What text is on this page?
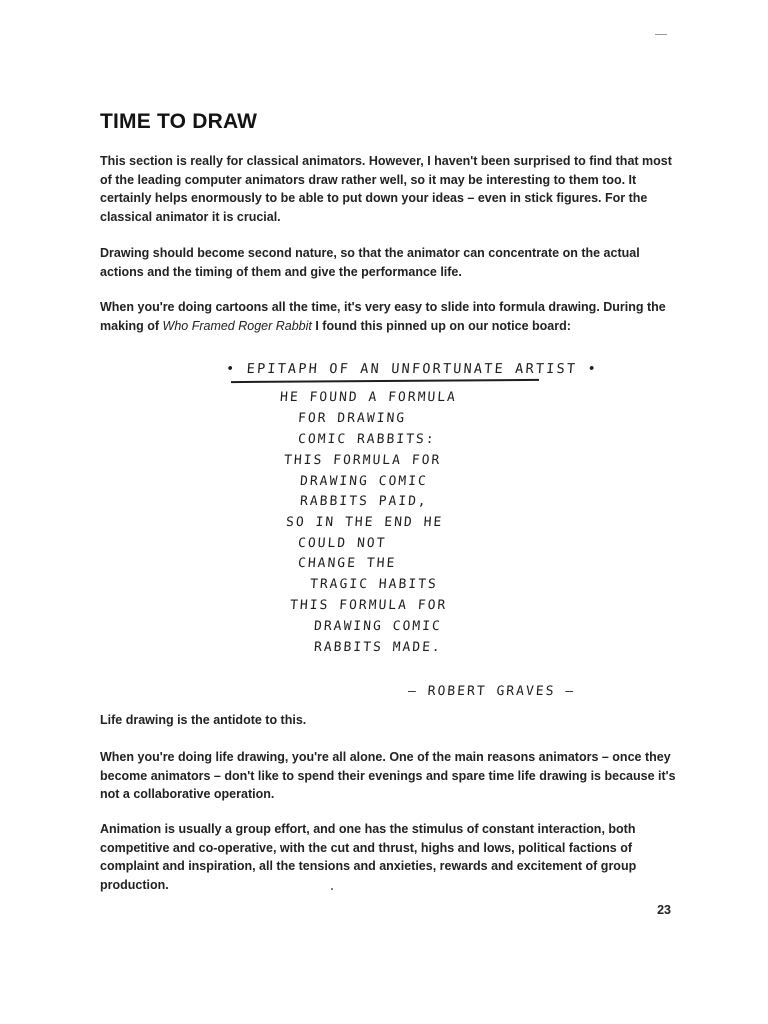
TIME TO DRAW

This section is really for classical animators. However, I haven't been surprised to find that most of the leading computer animators draw rather well, so it may be interesting to them too. It certainly helps enormously to be able to put down your ideas – even in stick figures. For the classical animator it is crucial.

Drawing should become second nature, so that the animator can concentrate on the actual actions and the timing of them and give the performance life.

When you're doing cartoons all the time, it's very easy to slide into formula drawing. During the making of Who Framed Roger Rabbit I found this pinned up on our notice board:

• EPITAPH OF AN UNFORTUNATE ARTIST •

HE FOUND A FORMULA

FOR DRAWING

COMIC RABBITS:

THIS FORMULA FOR

DRAWING COMIC

RABBITS PAID,

SO IN THE END HE

COULD NOT

CHANGE THE

TRAGIC HABITS

THIS FORMULA FOR

DRAWING COMIC

RABBITS MADE.

— ROBERT GRAVES —

Life drawing is the antidote to this.

When you're doing life drawing, you're all alone. One of the main reasons animators – once they become animators – don't like to spend their evenings and spare time life drawing is because it's not a collaborative operation.

Animation is usually a group effort, and one has the stimulus of constant interaction, both competitive and co-operative, with the cut and thrust, highs and lows, political factions of complaint and inspiration, all the tensions and anxieties, rewards and excitement of group production.

23
